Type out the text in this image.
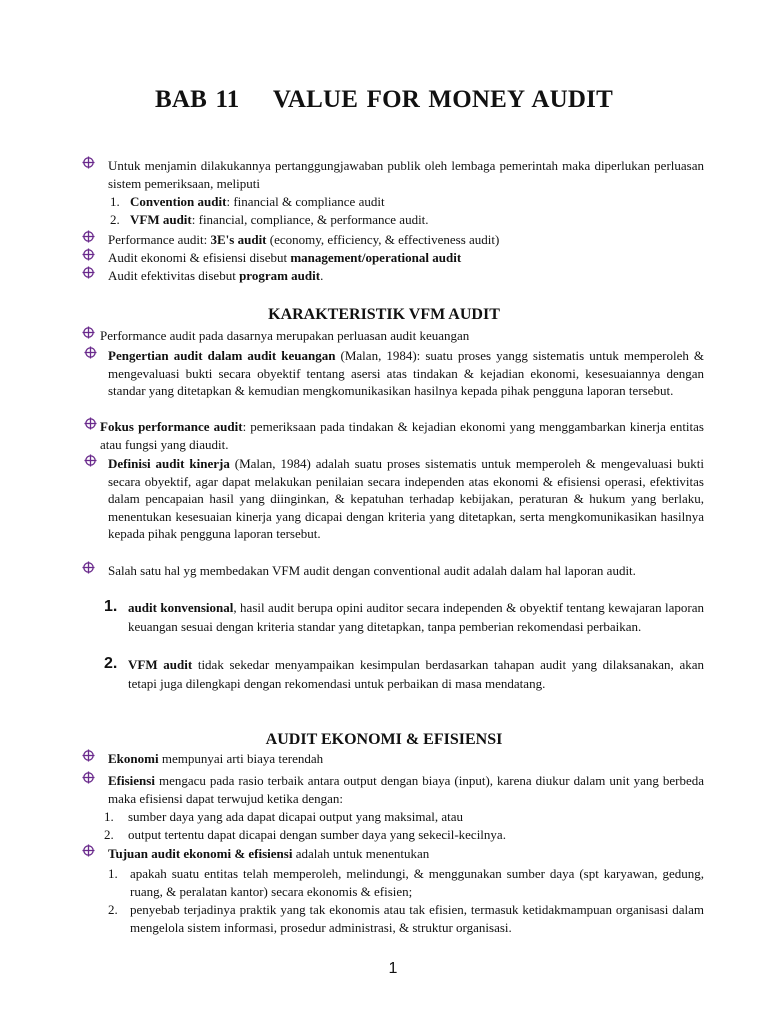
BAB 11    VALUE FOR MONEY AUDIT
Untuk menjamin dilakukannya pertanggungjawaban publik oleh lembaga pemerintah maka diperlukan perluasan sistem pemeriksaan, meliputi
1. Convention audit: financial & compliance audit
2. VFM audit: financial, compliance, & performance audit.
Performance audit: 3E's audit (economy, efficiency, & effectiveness audit)
Audit ekonomi & efisiensi disebut management/operational audit
Audit efektivitas disebut program audit.
KARAKTERISTIK VFM AUDIT
Performance audit pada dasarnya merupakan perluasan audit keuangan
Pengertian audit dalam audit keuangan (Malan, 1984): suatu proses yangg sistematis untuk memperoleh & mengevaluasi bukti secara obyektif tentang asersi atas tindakan & kejadian ekonomi, kesesuaiannya dengan standar yang ditetapkan & kemudian mengkomunikasikan hasilnya kepada pihak pengguna laporan tersebut.
Fokus performance audit: pemeriksaan pada tindakan & kejadian ekonomi yang menggambarkan kinerja entitas atau fungsi yang diaudit.
Definisi audit kinerja (Malan, 1984) adalah suatu proses sistematis untuk memperoleh & mengevaluasi bukti secara obyektif, agar dapat melakukan penilaian secara independen atas ekonomi & efisiensi operasi, efektivitas dalam pencapaian hasil yang diinginkan, & kepatuhan terhadap kebijakan, peraturan & hukum yang berlaku, menentukan kesesuaian kinerja yang dicapai dengan kriteria yang ditetapkan, serta mengkomunikasikan hasilnya kepada pihak pengguna laporan tersebut.
Salah satu hal yg membedakan VFM audit dengan conventional audit adalah dalam hal laporan audit.
1. audit konvensional, hasil audit berupa opini auditor secara independen & obyektif tentang kewajaran laporan keuangan sesuai dengan kriteria standar yang ditetapkan, tanpa pemberian rekomendasi perbaikan.
2. VFM audit tidak sekedar menyampaikan kesimpulan berdasarkan tahapan audit yang dilaksanakan, akan tetapi juga dilengkapi dengan rekomendasi untuk perbaikan di masa mendatang.
AUDIT EKONOMI & EFISIENSI
Ekonomi mempunyai arti biaya terendah
Efisiensi mengacu pada rasio terbaik antara output dengan biaya (input), karena diukur dalam unit yang berbeda maka efisiensi dapat terwujud ketika dengan:
1. sumber daya yang ada dapat dicapai output yang maksimal, atau
2. output tertentu dapat dicapai dengan sumber daya yang sekecil-kecilnya.
Tujuan audit ekonomi & efisiensi adalah untuk menentukan
1. apakah suatu entitas telah memperoleh, melindungi, & menggunakan sumber daya (spt karyawan, gedung, ruang, & peralatan kantor) secara ekonomis & efisien;
2. penyebab terjadinya praktik yang tak ekonomis atau tak efisien, termasuk ketidakmampuan organisasi dalam mengelola sistem informasi, prosedur administrasi, & struktur organisasi.
1
